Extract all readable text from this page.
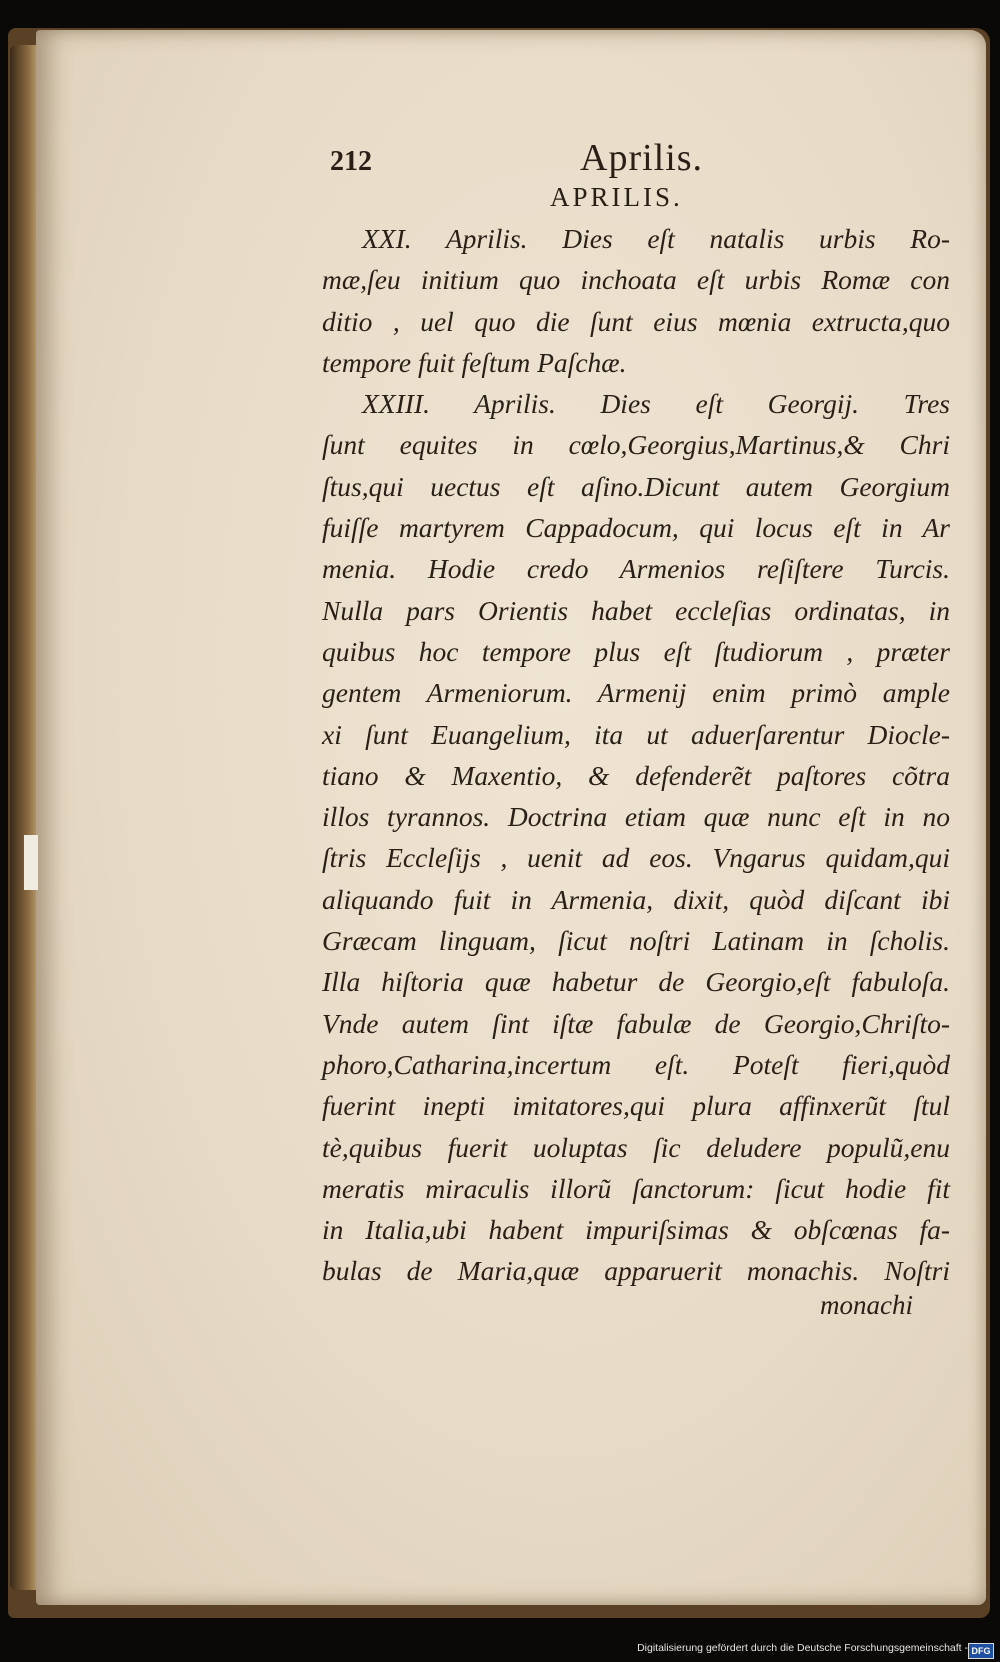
212	Aprilis.
APRILIS.
XXI. Aprilis. Dies eſt natalis urbis Ro-
mæ,ſeu initium quo inchoata eſt urbis Romæ con
ditio , uel quo die ſunt eius mœnia extructa,quo
tempore fuit feſtum Paſchæ.
XXIII. Aprilis. Dies eſt Georgij. Tres
ſunt equites in cœlo,Georgius,Martinus,& Chri
ſtus,qui uectus eſt aſino.Dicunt autem Georgium
fuiſſe martyrem Cappadocum, qui locus eſt in Ar
menia. Hodie credo Armenios reſiſtere Turcis.
Nulla pars Orientis habet eccleſias ordinatas, in
quibus hoc tempore plus eſt ſtudiorum , præter
gentem Armeniorum. Armenij enim primò ample
xi ſunt Euangelium, ita ut aduerſarentur Diocle-
tiano & Maxentio, & defenderẽt paſtores cõtra
illos tyrannos. Doctrina etiam quæ nunc eſt in no
ſtris Eccleſijs , uenit ad eos. Vngarus quidam,qui
aliquando fuit in Armenia, dixit, quòd diſcant ibi
Græcam linguam, ſicut noſtri Latinam in ſcholis.
Illa hiſtoria quæ habetur de Georgio,eſt fabuloſa.
Vnde autem ſint iſtæ fabulæ de Georgio,Chriſto-
phoro,Catharina,incertum eſt. Poteſt fieri,quòd
fuerint inepti imitatores,qui plura affinxerũt ſtul
tè,quibus fuerit uoluptas ſic deludere populũ,enu
meratis miraculis illorũ ſanctorum: ſicut hodie fit
in Italia,ubi habent impuriſsimas & obſcœnas fa-
bulas de Maria,quæ apparuerit monachis. Noſtri
monachi
Digitalisierung gefördert durch die Deutsche Forschungsgemeinschaft - DFG
